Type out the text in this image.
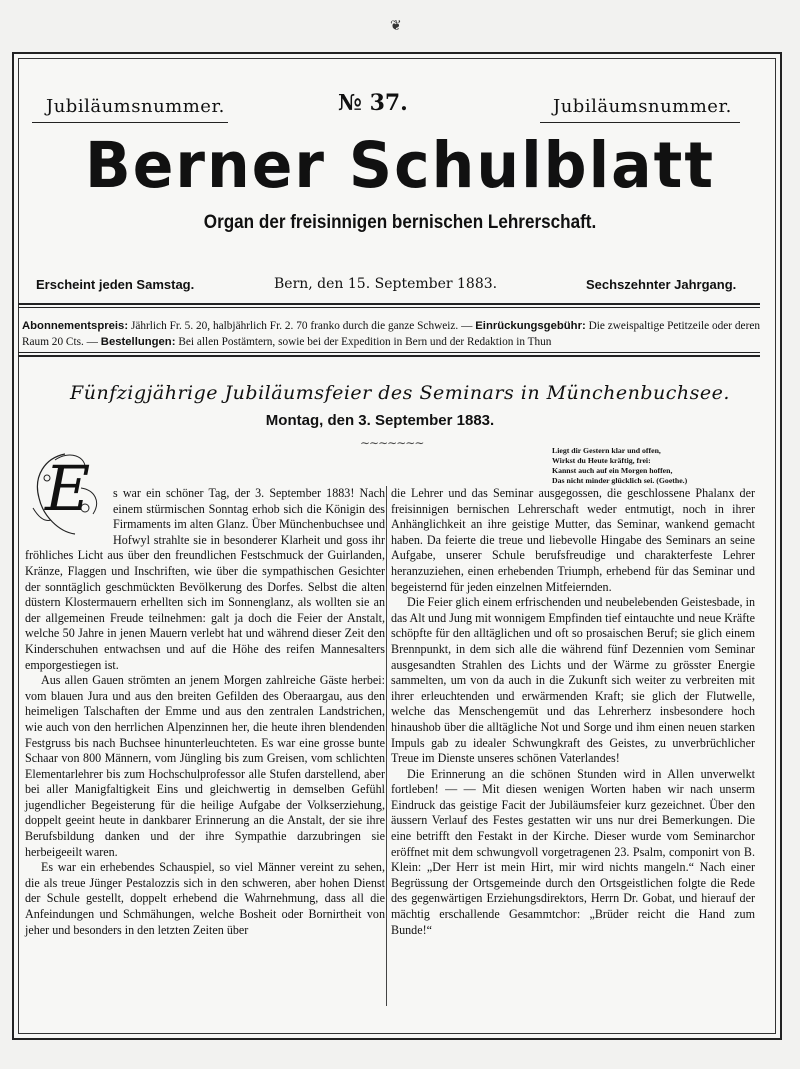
❦
Jubiläumsnummer.	№ 37.	Jubiläumsnummer.
Berner Schulblatt
Organ der freisinnigen bernischen Lehrerschaft.
Erscheint jeden Samstag.	Bern, den 15. September 1883.	Sechszehnter Jahrgang.
Abonnementspreis: Jährlich Fr. 5. 20, halbjährlich Fr. 2. 70 franko durch die ganze Schweiz. — Einrückungsgebühr: Die zweispaltige Petitzeile oder deren Raum 20 Cts. — Bestellungen: Bei allen Postämtern, sowie bei der Expedition in Bern und der Redaktion in Thun
Fünfzigjährige Jubiläumsfeier des Seminars in Münchenbuchsee.
Montag, den 3. September 1883.
∼∼∼∼∼∼∼
Liegt dir Gestern klar und offen,
Wirkst du Heute kräftig, frei:
Kannst auch auf ein Morgen hoffen,
Das nicht minder glücklich sei. (Goethe.)

E s war ein schöner Tag, der 3. September 1883! Nach einem stürmischen Sonntag erhob sich die Königin des Firmaments im alten Glanz. Über Münchenbuchsee und Hofwyl strahlte sie in besonderer Klarheit und goss ihr fröhliches Licht aus über den freundlichen Festschmuck der Guirlanden, Kränze, Flaggen und Inschriften, wie über die sympathischen Gesichter der sonntäglich geschmückten Bevölkerung des Dorfes. Selbst die alten düstern Klostermauern erhellten sich im Sonnenglanz, als wollten sie an der allgemeinen Freude teilnehmen: galt ja doch die Feier der Anstalt, welche 50 Jahre in jenen Mauern verlebt hat und während dieser Zeit den Kinderschuhen entwachsen und auf die Höhe des reifen Mannesalters emporgestiegen ist.

Aus allen Gauen strömten an jenem Morgen zahlreiche Gäste herbei: vom blauen Jura und aus den breiten Gefilden des Oberaargau, aus den heimeligen Talschaften der Emme und aus den zentralen Landstrichen, wie auch von den herrlichen Alpenzinnen her, die heute ihren blendenden Festgruss bis nach Buchsee hinunterleuchteten. Es war eine grosse bunte Schaar von 800 Männern, vom Jüngling bis zum Greisen, vom schlichten Elementarlehrer bis zum Hochschulprofessor alle Stufen darstellend, aber bei aller Manigfaltigkeit Eins und gleichwertig in demselben Gefühl jugendlicher Begeisterung für die heilige Aufgabe der Volkserziehung, doppelt geeint heute in dankbarer Erinnerung an die Anstalt, der sie ihre Berufsbildung danken und der ihre Sympathie darzubringen sie herbeigeeilt waren.

Es war ein erhebendes Schauspiel, so viel Männer vereint zu sehen, die als treue Jünger Pestalozzis sich in den schweren, aber hohen Dienst der Schule gestellt, doppelt erhebend die Wahrnehmung, dass all die Anfeindungen und Schmähungen, welche Bosheit oder Bornirtheit von jeher und besonders in den letzten Zeiten über

die Lehrer und das Seminar ausgegossen, die geschlossene Phalanx der freisinnigen bernischen Lehrerschaft weder entmutigt, noch in ihrer Anhänglichkeit an ihre geistige Mutter, das Seminar, wankend gemacht haben. Da feierte die treue und liebevolle Hingabe des Seminars an seine Aufgabe, unserer Schule berufsfreudige und charakterfeste Lehrer heranzuziehen, einen erhebenden Triumph, erhebend für das Seminar und begeisternd für jeden einzelnen Mitfeiernden.

Die Feier glich einem erfrischenden und neubelebenden Geistesbade, in das Alt und Jung mit wonnigem Empfinden tief eintauchte und neue Kräfte schöpfte für den alltäglichen und oft so prosaischen Beruf; sie glich einem Brennpunkt, in dem sich alle die während fünf Dezennien vom Seminar ausgesandten Strahlen des Lichts und der Wärme zu grösster Energie sammelten, um von da auch in die Zukunft sich weiter zu verbreiten mit ihrer erleuchtenden und erwärmenden Kraft; sie glich der Flutwelle, welche das Menschengemüt und das Lehrerherz insbesondere hoch hinaushob über die alltägliche Not und Sorge und ihm einen neuen starken Impuls gab zu idealer Schwungkraft des Geistes, zu unverbrüchlicher Treue im Dienste unseres schönen Vaterlandes!

Die Erinnerung an die schönen Stunden wird in Allen unverwelkt fortleben! — — Mit diesen wenigen Worten haben wir nach unserm Eindruck das geistige Facit der Jubiläumsfeier kurz gezeichnet. Über den äussern Verlauf des Festes gestatten wir uns nur drei Bemerkungen. Die eine betrifft den Festakt in der Kirche. Dieser wurde vom Seminarchor eröffnet mit dem schwungvoll vorgetragenen 23. Psalm, componirt von B. Klein: „Der Herr ist mein Hirt, mir wird nichts mangeln.“ Nach einer Begrüssung der Ortsgemeinde durch den Ortsgeistlichen folgte die Rede des gegenwärtigen Erziehungsdirektors, Herrn Dr. Gobat, und hierauf der mächtig erschallende Gesammtchor: „Brüder reicht die Hand zum Bunde!“
